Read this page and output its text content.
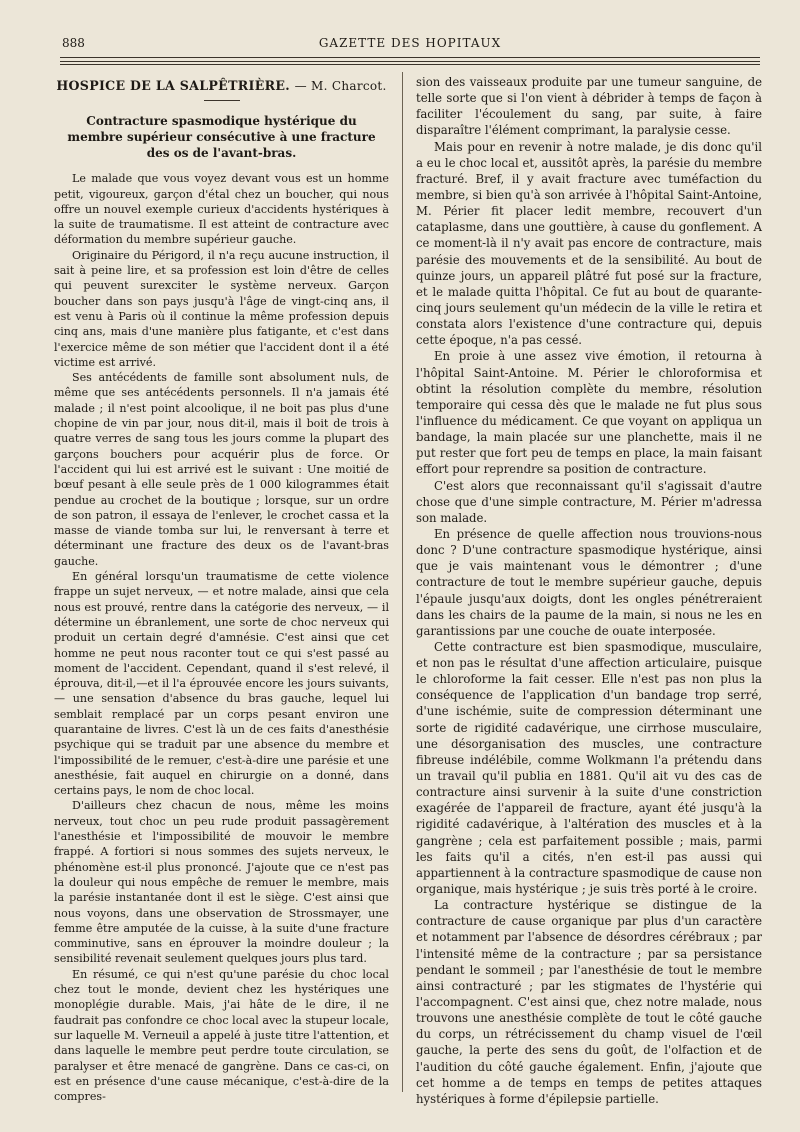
888	GAZETTE DES HOPITAUX
HOSPICE DE LA SALPÊTRIÈRE. — M. Charcot.
Contracture spasmodique hystérique du membre supérieur consécutive à une fracture des os de l'avant-bras.

Le malade que vous voyez devant vous est un homme petit, vigoureux, garçon d'étal chez un boucher, qui nous offre un nouvel exemple curieux d'accidents hystériques à la suite de traumatisme. Il est atteint de contracture avec déformation du membre supérieur gauche.

Originaire du Périgord, il n'a reçu aucune instruction, il sait à peine lire, et sa profession est loin d'être de celles qui peuvent surexciter le système nerveux. Garçon boucher dans son pays jusqu'à l'âge de vingt-cinq ans, il est venu à Paris où il continue la même profession depuis cinq ans, mais d'une manière plus fatigante, et c'est dans l'exercice même de son métier que l'accident dont il a été victime est arrivé.

Ses antécédents de famille sont absolument nuls, de même que ses antécédents personnels. Il n'a jamais été malade ; il n'est point alcoolique, il ne boit pas plus d'une chopine de vin par jour, nous dit-il, mais il boit de trois à quatre verres de sang tous les jours comme la plupart des garçons bouchers pour acquérir plus de force. Or l'accident qui lui est arrivé est le suivant : Une moitié de bœuf pesant à elle seule près de 1 000 kilogrammes était pendue au crochet de la boutique ; lorsque, sur un ordre de son patron, il essaya de l'enlever, le crochet cassa et la masse de viande tomba sur lui, le renversant à terre et déterminant une fracture des deux os de l'avant-bras gauche.

En général lorsqu'un traumatisme de cette violence frappe un sujet nerveux, — et notre malade, ainsi que cela nous est prouvé, rentre dans la catégorie des nerveux, — il détermine un ébranlement, une sorte de choc nerveux qui produit un certain degré d'amnésie. C'est ainsi que cet homme ne peut nous raconter tout ce qui s'est passé au moment de l'accident. Cependant, quand il s'est relevé, il éprouva, dit-il,—et il l'a éprouvée encore les jours suivants, — une sensation d'absence du bras gauche, lequel lui semblait remplacé par un corps pesant environ une quarantaine de livres. C'est là un de ces faits d'anesthésie psychique qui se traduit par une absence du membre et l'impossibilité de le remuer, c'est-à-dire une parésie et une anesthésie, fait auquel en chirurgie on a donné, dans certains pays, le nom de choc local.

D'ailleurs chez chacun de nous, même les moins nerveux, tout choc un peu rude produit passagèrement l'anesthésie et l'impossibilité de mouvoir le membre frappé. A fortiori si nous sommes des sujets nerveux, le phénomène est-il plus prononcé. J'ajoute que ce n'est pas la douleur qui nous empêche de remuer le membre, mais la parésie instantanée dont il est le siège. C'est ainsi que nous voyons, dans une observation de Strossmayer, une femme être amputée de la cuisse, à la suite d'une fracture comminutive, sans en éprouver la moindre douleur ; la sensibilité revenait seulement quelques jours plus tard.

En résumé, ce qui n'est qu'une parésie du choc local chez tout le monde, devient chez les hystériques une monoplégie durable. Mais, j'ai hâte de le dire, il ne faudrait pas confondre ce choc local avec la stupeur locale, sur laquelle M. Verneuil a appelé à juste titre l'attention, et dans laquelle le membre peut perdre toute circulation, se paralyser et être menacé de gangrène. Dans ce cas-ci, on est en présence d'une cause mécanique, c'est-à-dire de la compres-

sion des vaisseaux produite par une tumeur sanguine, de telle sorte que si l'on vient à débrider à temps de façon à faciliter l'écoulement du sang, par suite, à faire disparaître l'élément comprimant, la paralysie cesse.

Mais pour en revenir à notre malade, je dis donc qu'il a eu le choc local et, aussitôt après, la parésie du membre fracturé. Bref, il y avait fracture avec tuméfaction du membre, si bien qu'à son arrivée à l'hôpital Saint-Antoine, M. Périer fit placer ledit membre, recouvert d'un cataplasme, dans une gouttière, à cause du gonflement. A ce moment-là il n'y avait pas encore de contracture, mais parésie des mouvements et de la sensibilité. Au bout de quinze jours, un appareil plâtré fut posé sur la fracture, et le malade quitta l'hôpital. Ce fut au bout de quarante-cinq jours seulement qu'un médecin de la ville le retira et constata alors l'existence d'une contracture qui, depuis cette époque, n'a pas cessé.

En proie à une assez vive émotion, il retourna à l'hôpital Saint-Antoine. M. Périer le chloroformisa et obtint la résolution complète du membre, résolution temporaire qui cessa dès que le malade ne fut plus sous l'influence du médicament. Ce que voyant on appliqua un bandage, la main placée sur une planchette, mais il ne put rester que fort peu de temps en place, la main faisant effort pour reprendre sa position de contracture.

C'est alors que reconnaissant qu'il s'agissait d'autre chose que d'une simple contracture, M. Périer m'adressa son malade.

En présence de quelle affection nous trouvions-nous donc ? D'une contracture spasmodique hystérique, ainsi que je vais maintenant vous le démontrer ; d'une contracture de tout le membre supérieur gauche, depuis l'épaule jusqu'aux doigts, dont les ongles pénétreraient dans les chairs de la paume de la main, si nous ne les en garantissions par une couche de ouate interposée.

Cette contracture est bien spasmodique, musculaire, et non pas le résultat d'une affection articulaire, puisque le chloroforme la fait cesser. Elle n'est pas non plus la conséquence de l'application d'un bandage trop serré, d'une ischémie, suite de compression déterminant une sorte de rigidité cadavérique, une cirrhose musculaire, une désorganisation des muscles, une contracture fibreuse indélébile, comme Wolkmann l'a prétendu dans un travail qu'il publia en 1881. Qu'il ait vu des cas de contracture ainsi survenir à la suite d'une constriction exagérée de l'appareil de fracture, ayant été jusqu'à la rigidité cadavérique, à l'altération des muscles et à la gangrène ; cela est parfaitement possible ; mais, parmi les faits qu'il a cités, n'en est-il pas aussi qui appartiennent à la contracture spasmodique de cause non organique, mais hystérique ; je suis très porté à le croire.

La contracture hystérique se distingue de la contracture de cause organique par plus d'un caractère et notamment par l'absence de désordres cérébraux ; par l'intensité même de la contracture ; par sa persistance pendant le sommeil ; par l'anesthésie de tout le membre ainsi contracturé ; par les stigmates de l'hystérie qui l'accompagnent. C'est ainsi que, chez notre malade, nous trouvons une anesthésie complète de tout le côté gauche du corps, un rétrécissement du champ visuel de l'œil gauche, la perte des sens du goût, de l'olfaction et de l'audition du côté gauche également. Enfin, j'ajoute que cet homme a de temps en temps de petites attaques hystériques à forme d'épilepsie partielle.
